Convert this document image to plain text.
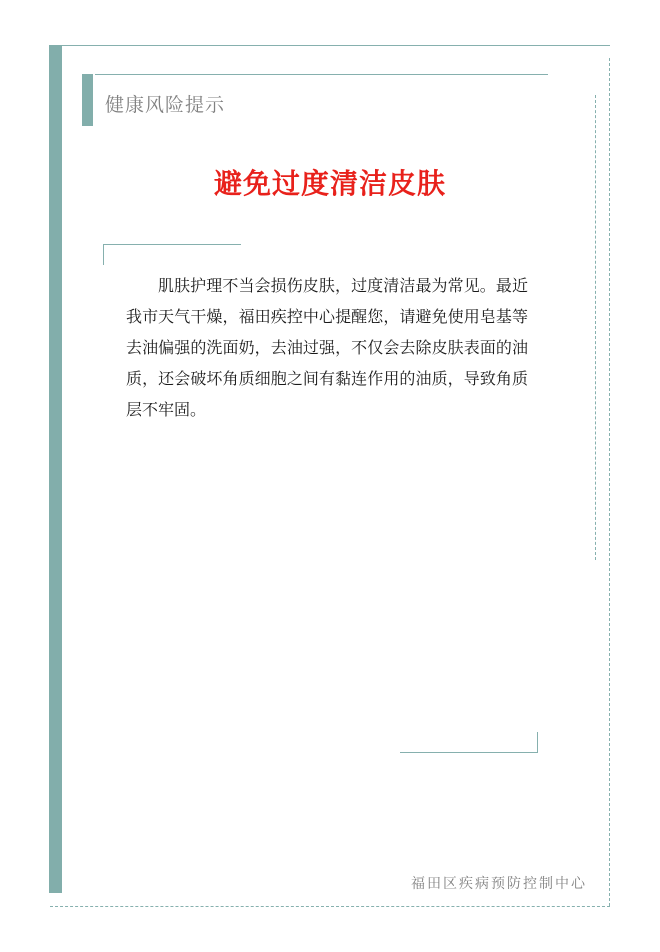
健康风险提示
避免过度清洁皮肤

肌肤护理不当会损伤皮肤，过度清洁最为常见。最近我市天气干燥，福田疾控中心提醒您，请避免使用皂基等去油偏强的洗面奶，去油过强，不仅会去除皮肤表面的油质，还会破坏角质细胞之间有黏连作用的油质，导致角质层不牢固。

福田区疾病预防控制中心
